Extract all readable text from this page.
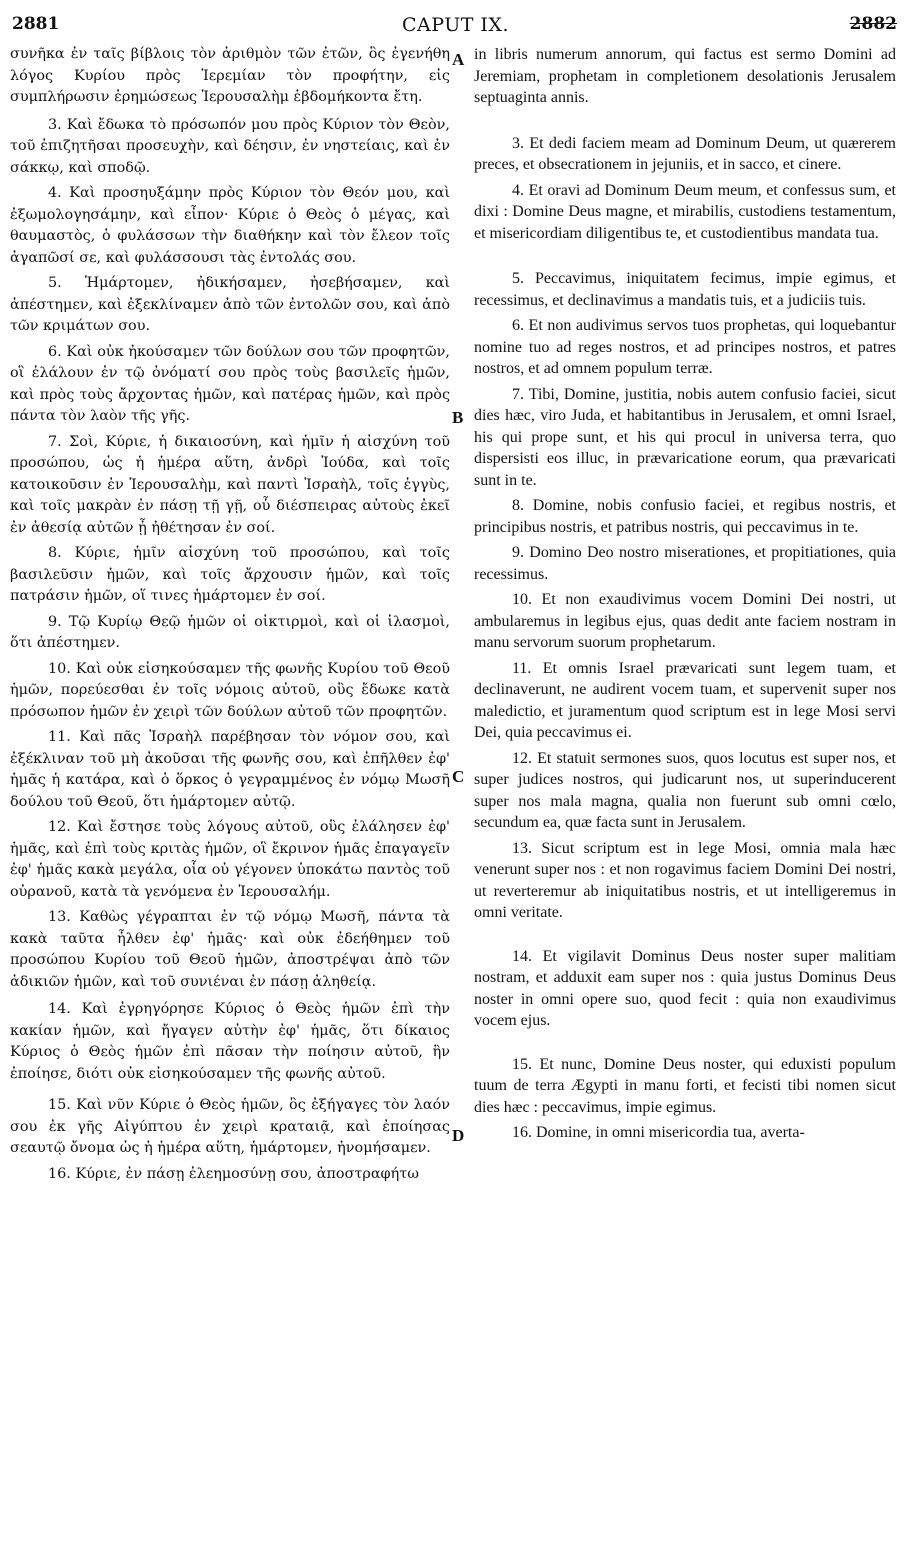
2881	CAPUT IX.	2882
A
B
C
D

συνῆκα ἐν ταῖς βίβλοις τὸν ἀριθμὸν τῶν ἐτῶν, ὃς ἐγενήθη λόγος Κυρίου πρὸς Ἱερεμίαν τὸν προφήτην, εἰς συμπλήρωσιν ἐρημώσεως Ἱερουσαλὴμ ἑβδομήκοντα ἔτη.

3. Καὶ ἔδωκα τὸ πρόσωπόν μου πρὸς Κύριον τὸν Θεὸν, τοῦ ἐπιζητῆσαι προσευχὴν, καὶ δέησιν, ἐν νηστείαις, καὶ ἐν σάκκῳ, καὶ σποδῷ.

4. Καὶ προσηυξάμην πρὸς Κύριον τὸν Θεόν μου, καὶ ἐξωμολογησάμην, καὶ εἶπον· Κύριε ὁ Θεὸς ὁ μέγας, καὶ θαυμαστὸς, ὁ φυλάσσων τὴν διαθήκην καὶ τὸν ἔλεον τοῖς ἀγαπῶσί σε, καὶ φυλάσσουσι τὰς ἐντολάς σου.

5. Ἡμάρτομεν, ἠδικήσαμεν, ἠσεβήσαμεν, καὶ ἀπέστημεν, καὶ ἐξεκλίναμεν ἀπὸ τῶν ἐντολῶν σου, καὶ ἀπὸ τῶν κριμάτων σου.

6. Καὶ οὐκ ἠκούσαμεν τῶν δούλων σου τῶν προφητῶν, οἳ ἐλάλουν ἐν τῷ ὀνόματί σου πρὸς τοὺς βασιλεῖς ἡμῶν, καὶ πρὸς τοὺς ἄρχοντας ἡμῶν, καὶ πατέρας ἡμῶν, καὶ πρὸς πάντα τὸν λαὸν τῆς γῆς.

7. Σοὶ, Κύριε, ἡ δικαιοσύνη, καὶ ἡμῖν ἡ αἰσχύνη τοῦ προσώπου, ὡς ἡ ἡμέρα αὕτη, ἀνδρὶ Ἰούδα, καὶ τοῖς κατοικοῦσιν ἐν Ἱερουσαλὴμ, καὶ παντὶ Ἰσραὴλ, τοῖς ἐγγὺς, καὶ τοῖς μακρὰν ἐν πάσῃ τῇ γῇ, οὗ διέσπειρας αὐτοὺς ἐκεῖ ἐν ἀθεσίᾳ αὐτῶν ᾗ ἠθέτησαν ἐν σοί.

8. Κύριε, ἡμῖν αἰσχύνη τοῦ προσώπου, καὶ τοῖς βασιλεῦσιν ἡμῶν, καὶ τοῖς ἄρχουσιν ἡμῶν, καὶ τοῖς πατράσιν ἡμῶν, οἵ τινες ἡμάρτομεν ἐν σοί.

9. Τῷ Κυρίῳ Θεῷ ἡμῶν οἱ οἰκτιρμοὶ, καὶ οἱ ἱλασμοὶ, ὅτι ἀπέστημεν.

10. Καὶ οὐκ εἰσηκούσαμεν τῆς φωνῆς Κυρίου τοῦ Θεοῦ ἡμῶν, πορεύεσθαι ἐν τοῖς νόμοις αὐτοῦ, οὓς ἔδωκε κατὰ πρόσωπον ἡμῶν ἐν χειρὶ τῶν δούλων αὐτοῦ τῶν προφητῶν.

11. Καὶ πᾶς Ἰσραὴλ παρέβησαν τὸν νόμον σου, καὶ ἐξέκλιναν τοῦ μὴ ἀκοῦσαι τῆς φωνῆς σου, καὶ ἐπῆλθεν ἐφ' ἡμᾶς ἡ κατάρα, καὶ ὁ ὅρκος ὁ γεγραμμένος ἐν νόμῳ Μωσῆ δούλου τοῦ Θεοῦ, ὅτι ἡμάρτομεν αὐτῷ.

12. Καὶ ἔστησε τοὺς λόγους αὐτοῦ, οὓς ἐλάλησεν ἐφ' ἡμᾶς, καὶ ἐπὶ τοὺς κριτὰς ἡμῶν, οἳ ἔκρινον ἡμᾶς ἐπαγαγεῖν ἐφ' ἡμᾶς κακὰ μεγάλα, οἷα οὐ γέγονεν ὑποκάτω παντὸς τοῦ οὐρανοῦ, κατὰ τὰ γενόμενα ἐν Ἱερουσαλήμ.

13. Καθὼς γέγραπται ἐν τῷ νόμῳ Μωσῆ, πάντα τὰ κακὰ ταῦτα ἦλθεν ἐφ' ἡμᾶς· καὶ οὐκ ἐδεήθημεν τοῦ προσώπου Κυρίου τοῦ Θεοῦ ἡμῶν, ἀποστρέψαι ἀπὸ τῶν ἀδικιῶν ἡμῶν, καὶ τοῦ συνιέναι ἐν πάσῃ ἀληθείᾳ.

14. Καὶ ἐγρηγόρησε Κύριος ὁ Θεὸς ἡμῶν ἐπὶ τὴν κακίαν ἡμῶν, καὶ ἤγαγεν αὐτὴν ἐφ' ἡμᾶς, ὅτι δίκαιος Κύριος ὁ Θεὸς ἡμῶν ἐπὶ πᾶσαν τὴν ποίησιν αὐτοῦ, ἣν ἐποίησε, διότι οὐκ εἰσηκούσαμεν τῆς φωνῆς αὐτοῦ.

15. Καὶ νῦν Κύριε ὁ Θεὸς ἡμῶν, ὃς ἐξήγαγες τὸν λαόν σου ἐκ γῆς Αἰγύπτου ἐν χειρὶ κραταιᾷ, καὶ ἐποίησας σεαυτῷ ὄνομα ὡς ἡ ἡμέρα αὕτη, ἡμάρτομεν, ἠνομήσαμεν.

16. Κύριε, ἐν πάσῃ ἐλεημοσύνῃ σου, ἀποστραφήτω

in libris numerum annorum, qui factus est sermo Domini ad Jeremiam, prophetam in completionem desolationis Jerusalem septuaginta annis.

3. Et dedi faciem meam ad Dominum Deum, ut quærerem preces, et obsecrationem in jejuniis, et in sacco, et cinere.

4. Et oravi ad Dominum Deum meum, et confessus sum, et dixi : Domine Deus magne, et mirabilis, custodiens testamentum, et misericordiam diligentibus te, et custodientibus mandata tua.

5. Peccavimus, iniquitatem fecimus, impie egimus, et recessimus, et declinavimus a mandatis tuis, et a judiciis tuis.

6. Et non audivimus servos tuos prophetas, qui loquebantur nomine tuo ad reges nostros, et ad principes nostros, et patres nostros, et ad omnem populum terræ.

7. Tibi, Domine, justitia, nobis autem confusio faciei, sicut dies hæc, viro Juda, et habitantibus in Jerusalem, et omni Israel, his qui prope sunt, et his qui procul in universa terra, quo dispersisti eos illuc, in prævaricatione eorum, qua prævaricati sunt in te.

8. Domine, nobis confusio faciei, et regibus nostris, et principibus nostris, et patribus nostris, qui peccavimus in te.

9. Domino Deo nostro miserationes, et propitiationes, quia recessimus.

10. Et non exaudivimus vocem Domini Dei nostri, ut ambularemus in legibus ejus, quas dedit ante faciem nostram in manu servorum suorum prophetarum.

11. Et omnis Israel prævaricati sunt legem tuam, et declinaverunt, ne audirent vocem tuam, et supervenit super nos maledictio, et juramentum quod scriptum est in lege Mosi servi Dei, quia peccavimus ei.

12. Et statuit sermones suos, quos locutus est super nos, et super judices nostros, qui judicarunt nos, ut superinducerent super nos mala magna, qualia non fuerunt sub omni cœlo, secundum ea, quæ facta sunt in Jerusalem.

13. Sicut scriptum est in lege Mosi, omnia mala hæc venerunt super nos : et non rogavimus faciem Domini Dei nostri, ut reverteremur ab iniquitatibus nostris, et ut intelligeremus in omni veritate.

14. Et vigilavit Dominus Deus noster super malitiam nostram, et adduxit eam super nos : quia justus Dominus Deus noster in omni opere suo, quod fecit : quia non exaudivimus vocem ejus.

15. Et nunc, Domine Deus noster, qui eduxisti populum tuum de terra Ægypti in manu forti, et fecisti tibi nomen sicut dies hæc : peccavimus, impie egimus.

16. Domine, in omni misericordia tua, averta-
